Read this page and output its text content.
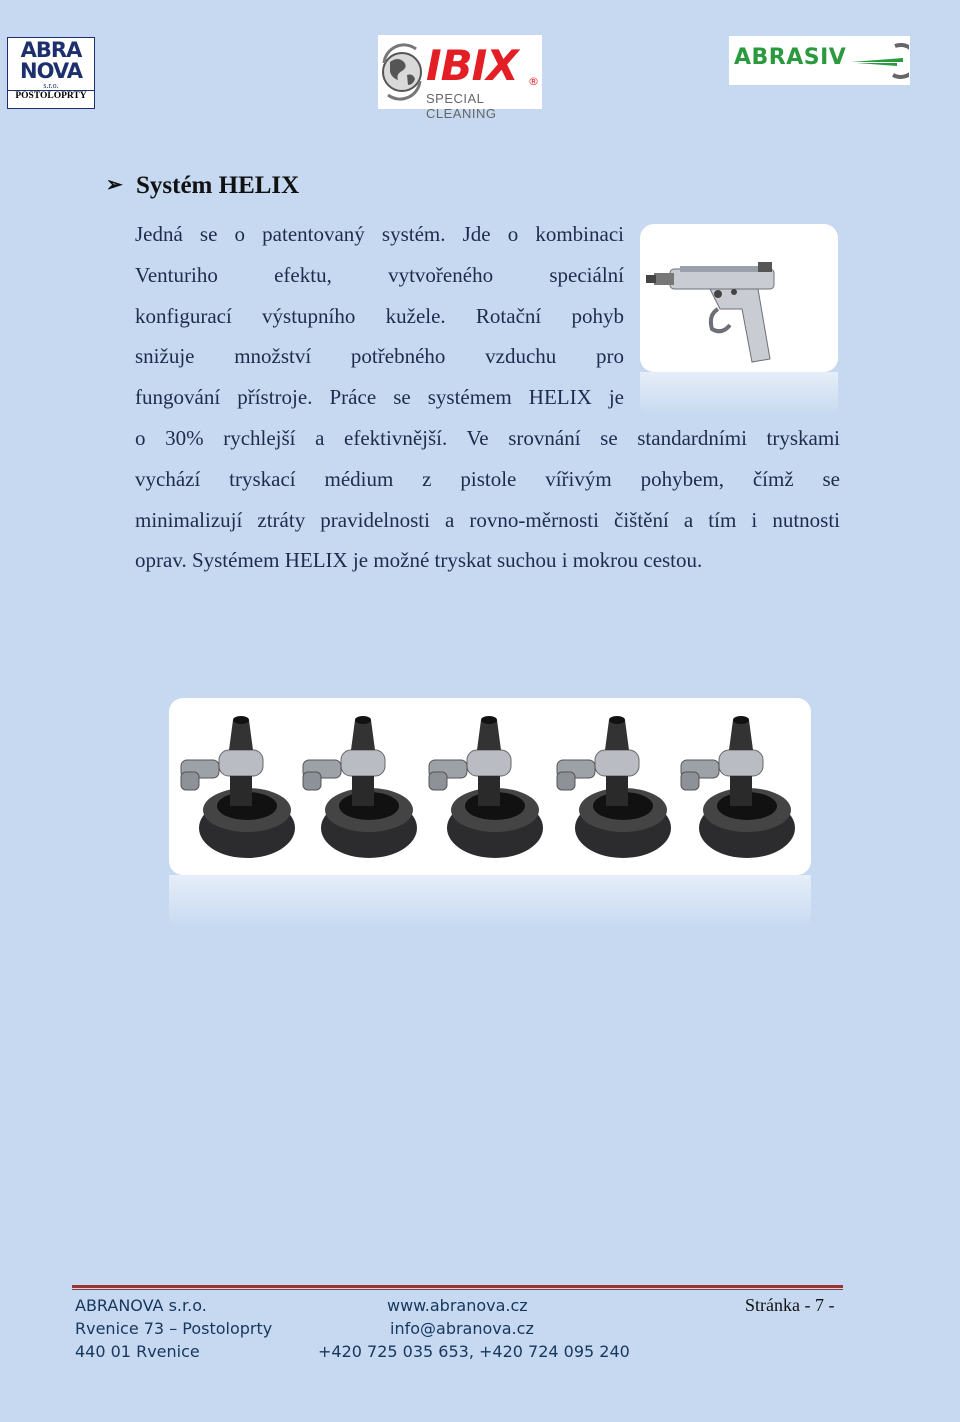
ABRA
NOVA
s.r.o.
POSTOLOPRTY
IBIX ®
SPECIAL CLEANING
ABRASIV
➢ Systém HELIX
Jedná se o patentovaný systém. Jde o kombinaci
Venturiho efektu, vytvořeného speciální
konfigurací výstupního kužele. Rotační pohyb
snižuje množství potřebného vzduchu pro
fungování přístroje. Práce se systémem HELIX je
o 30% rychlejší a efektivnější. Ve srovnání se standardními tryskami
vychází tryskací médium z pistole vířivým pohybem, čímž se
minimalizují ztráty pravidelnosti a rovno-měrnosti čištění a tím i nutnosti
oprav. Systémem HELIX je možné tryskat suchou i mokrou cestou.
ABRANOVA s.r.o.
Rvenice 73 – Postoloprty
440 01 Rvenice
www.abranova.cz
info@abranova.cz
+420 725 035 653, +420 724 095 240
Stránka - 7 -
